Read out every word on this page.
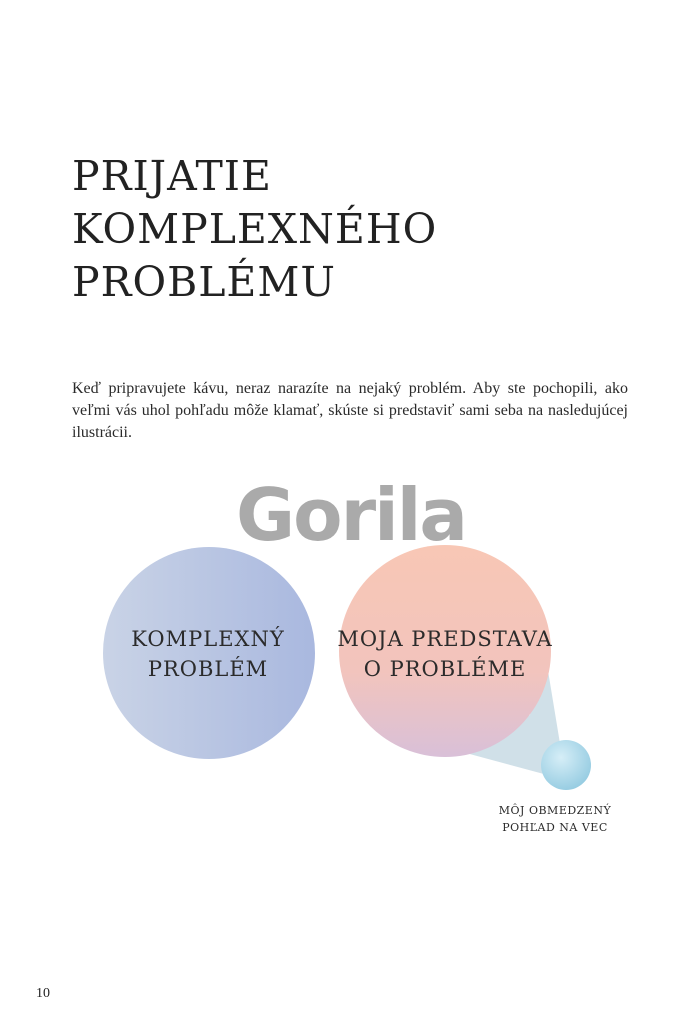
PRIJATIE
KOMPLEXNÉHO
PROBLÉMU

Keď pripravujete kávu, neraz narazíte na nejaký problém. Aby ste pochopili, ako veľmi vás uhol pohľadu môže klamať, skúste si predstaviť sami seba na nasledujúcej ilustrácii.

Gorila

KOMPLEXNÝ
PROBLÉM

MOJA PREDSTAVA
O PROBLÉME

MÔJ OBMEDZENÝ
POHĽAD NA VEC

10
